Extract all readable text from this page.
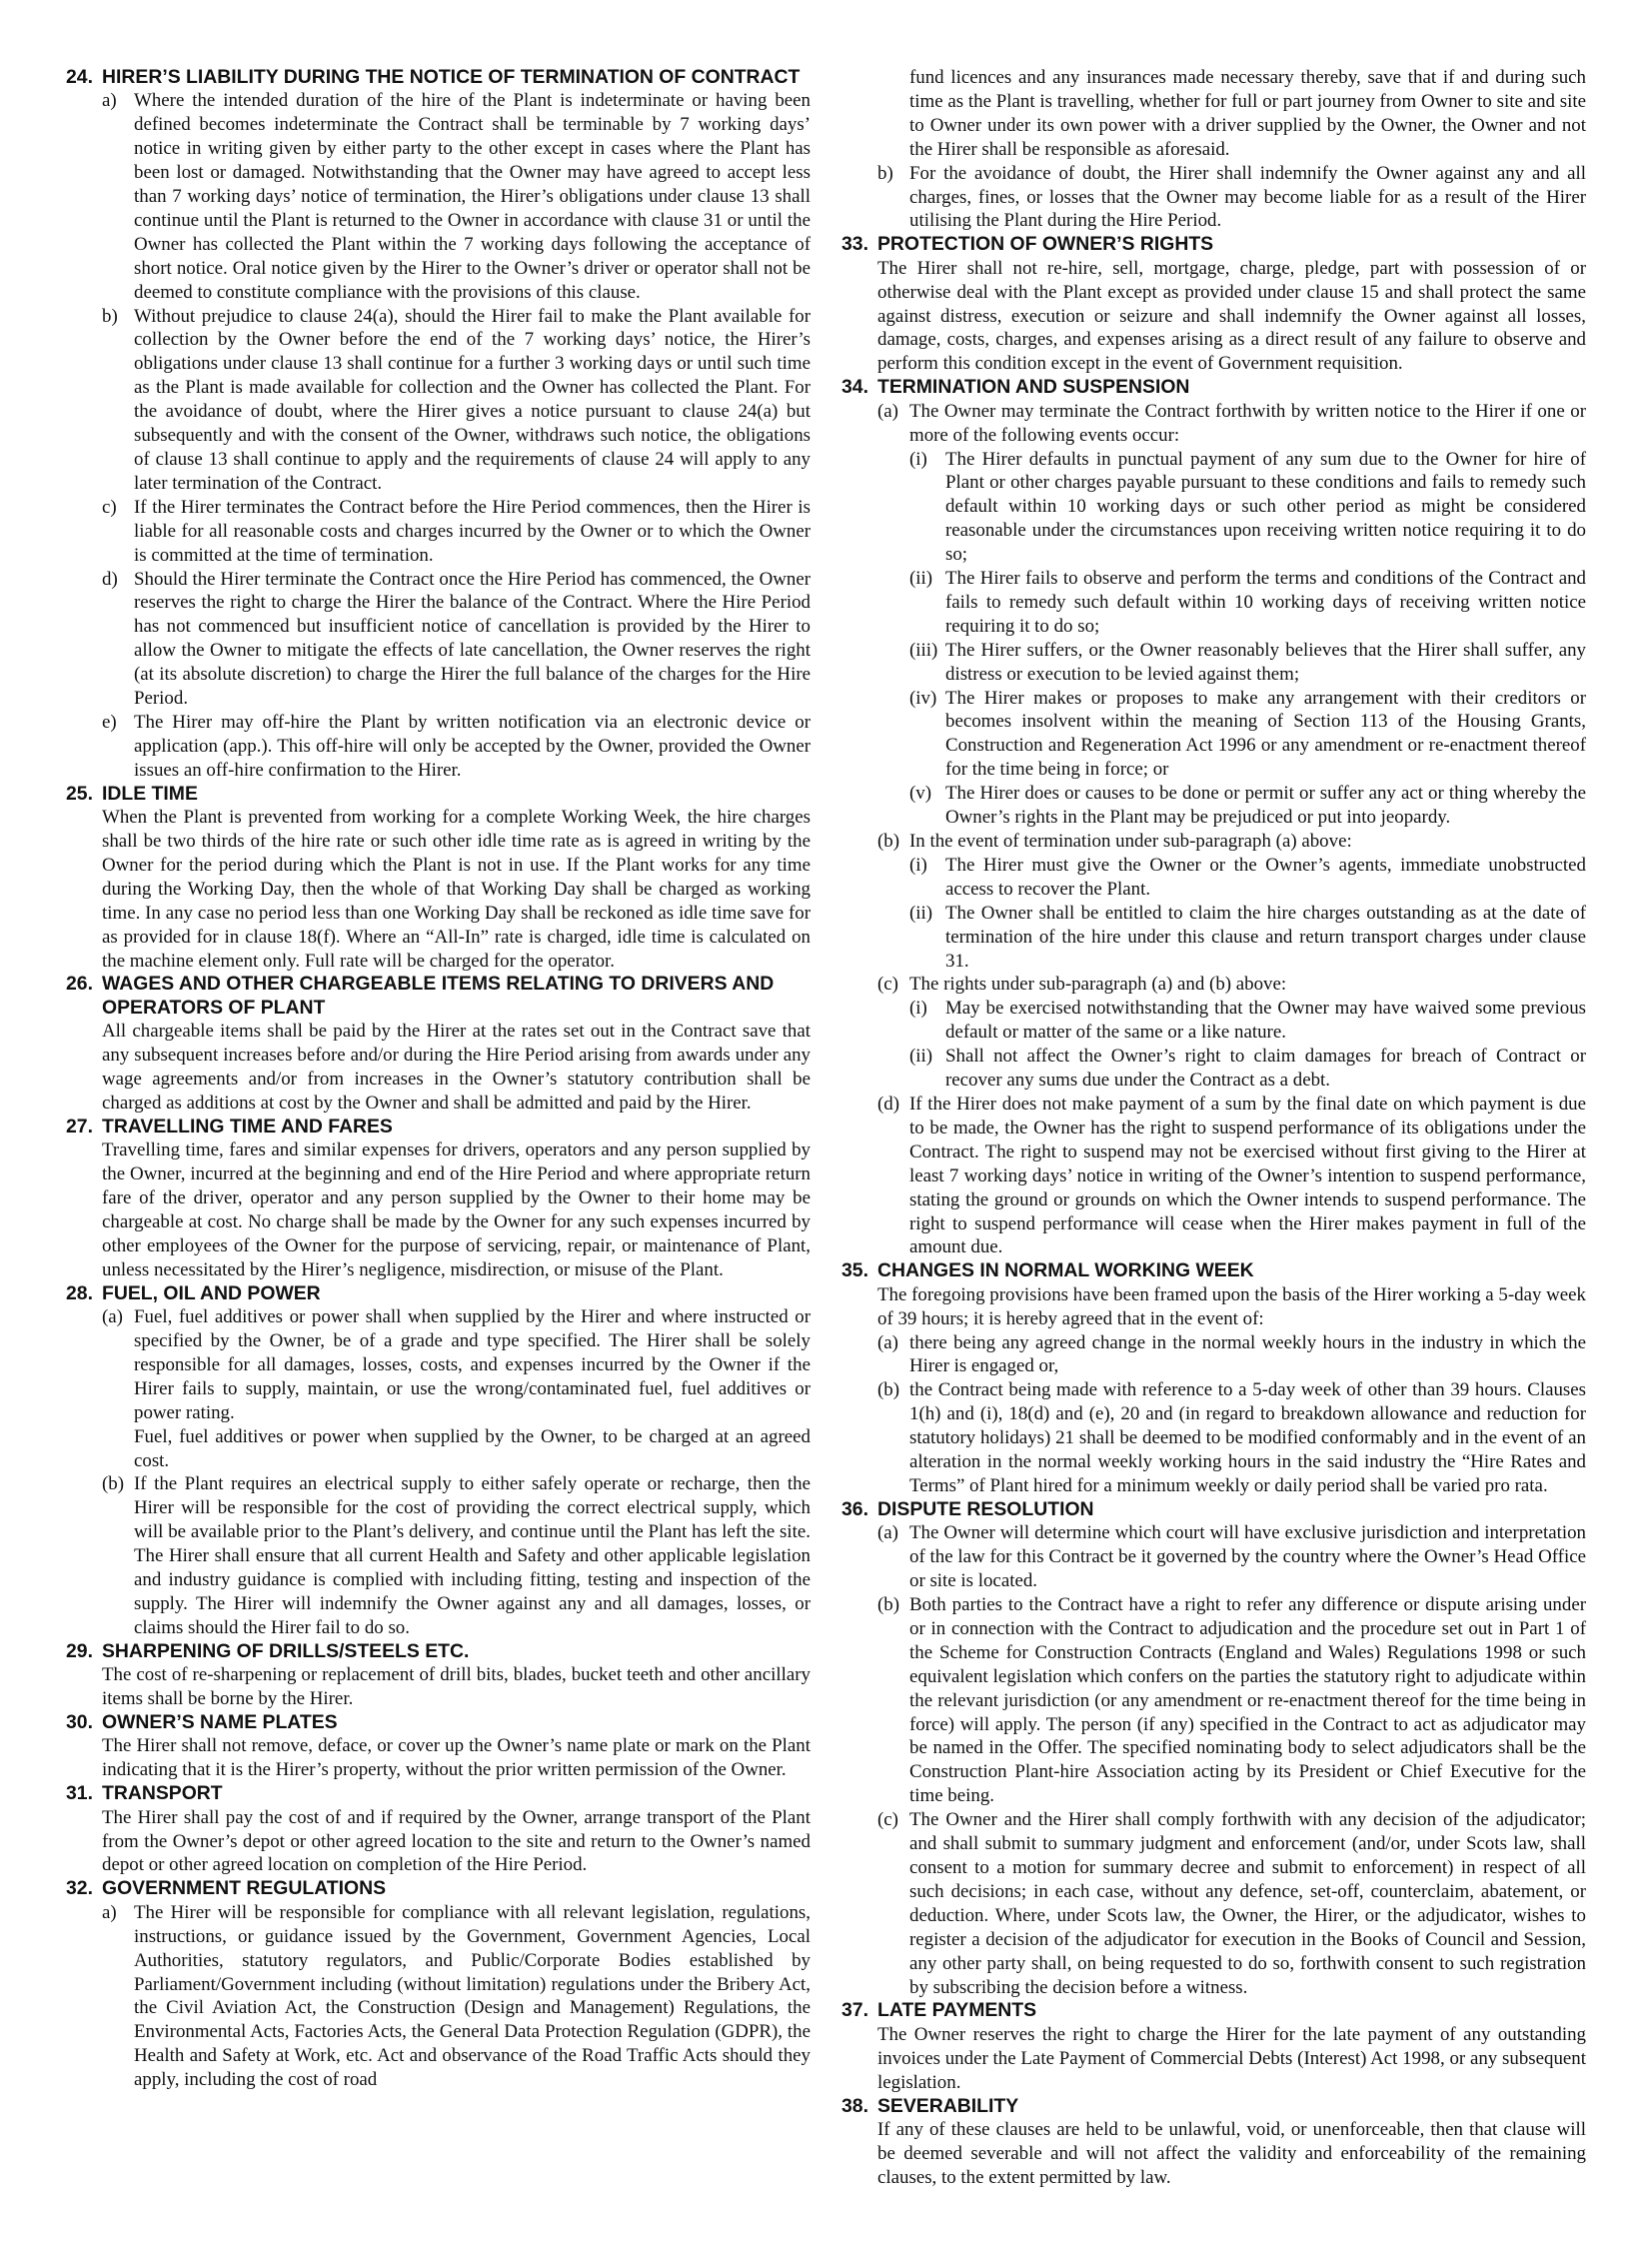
24. HIRER’S LIABILITY DURING THE NOTICE OF TERMINATION OF CONTRACT

a) Where the intended duration of the hire of the Plant is indeterminate or having been defined becomes indeterminate the Contract shall be terminable by 7 working days’ notice in writing given by either party to the other except in cases where the Plant has been lost or damaged. Notwithstanding that the Owner may have agreed to accept less than 7 working days’ notice of termination, the Hirer’s obligations under clause 13 shall continue until the Plant is returned to the Owner in accordance with clause 31 or until the Owner has collected the Plant within the 7 working days following the acceptance of short notice. Oral notice given by the Hirer to the Owner’s driver or operator shall not be deemed to constitute compliance with the provisions of this clause.

b) Without prejudice to clause 24(a), should the Hirer fail to make the Plant available for collection by the Owner before the end of the 7 working days’ notice, the Hirer’s obligations under clause 13 shall continue for a further 3 working days or until such time as the Plant is made available for collection and the Owner has collected the Plant. For the avoidance of doubt, where the Hirer gives a notice pursuant to clause 24(a) but subsequently and with the consent of the Owner, withdraws such notice, the obligations of clause 13 shall continue to apply and the requirements of clause 24 will apply to any later termination of the Contract.

c) If the Hirer terminates the Contract before the Hire Period commences, then the Hirer is liable for all reasonable costs and charges incurred by the Owner or to which the Owner is committed at the time of termination.

d) Should the Hirer terminate the Contract once the Hire Period has commenced, the Owner reserves the right to charge the Hirer the balance of the Contract. Where the Hire Period has not commenced but insufficient notice of cancellation is provided by the Hirer to allow the Owner to mitigate the effects of late cancellation, the Owner reserves the right (at its absolute discretion) to charge the Hirer the full balance of the charges for the Hire Period.

e) The Hirer may off-hire the Plant by written notification via an electronic device or application (app.). This off-hire will only be accepted by the Owner, provided the Owner issues an off-hire confirmation to the Hirer.

25. IDLE TIME

When the Plant is prevented from working for a complete Working Week, the hire charges shall be two thirds of the hire rate or such other idle time rate as is agreed in writing by the Owner for the period during which the Plant is not in use. If the Plant works for any time during the Working Day, then the whole of that Working Day shall be charged as working time. In any case no period less than one Working Day shall be reckoned as idle time save for as provided for in clause 18(f). Where an “All-In” rate is charged, idle time is calculated on the machine element only. Full rate will be charged for the operator.

26. WAGES AND OTHER CHARGEABLE ITEMS RELATING TO DRIVERS AND OPERATORS OF PLANT

All chargeable items shall be paid by the Hirer at the rates set out in the Contract save that any subsequent increases before and/or during the Hire Period arising from awards under any wage agreements and/or from increases in the Owner’s statutory contribution shall be charged as additions at cost by the Owner and shall be admitted and paid by the Hirer.

27. TRAVELLING TIME AND FARES

Travelling time, fares and similar expenses for drivers, operators and any person supplied by the Owner, incurred at the beginning and end of the Hire Period and where appropriate return fare of the driver, operator and any person supplied by the Owner to their home may be chargeable at cost. No charge shall be made by the Owner for any such expenses incurred by other employees of the Owner for the purpose of servicing, repair, or maintenance of Plant, unless necessitated by the Hirer’s negligence, misdirection, or misuse of the Plant.

28. FUEL, OIL AND POWER

(a) Fuel, fuel additives or power shall when supplied by the Hirer and where instructed or specified by the Owner, be of a grade and type specified. The Hirer shall be solely responsible for all damages, losses, costs, and expenses incurred by the Owner if the Hirer fails to supply, maintain, or use the wrong/contaminated fuel, fuel additives or power rating.

Fuel, fuel additives or power when supplied by the Owner, to be charged at an agreed cost.

(b) If the Plant requires an electrical supply to either safely operate or recharge, then the Hirer will be responsible for the cost of providing the correct electrical supply, which will be available prior to the Plant’s delivery, and continue until the Plant has left the site. The Hirer shall ensure that all current Health and Safety and other applicable legislation and industry guidance is complied with including fitting, testing and inspection of the supply. The Hirer will indemnify the Owner against any and all damages, losses, or claims should the Hirer fail to do so.

29. SHARPENING OF DRILLS/STEELS ETC.

The cost of re-sharpening or replacement of drill bits, blades, bucket teeth and other ancillary items shall be borne by the Hirer.

30. OWNER’S NAME PLATES

The Hirer shall not remove, deface, or cover up the Owner’s name plate or mark on the Plant indicating that it is the Hirer’s property, without the prior written permission of the Owner.

31. TRANSPORT

The Hirer shall pay the cost of and if required by the Owner, arrange transport of the Plant from the Owner’s depot or other agreed location to the site and return to the Owner’s named depot or other agreed location on completion of the Hire Period.

32. GOVERNMENT REGULATIONS

a) The Hirer will be responsible for compliance with all relevant legislation, regulations, instructions, or guidance issued by the Government, Government Agencies, Local Authorities, statutory regulators, and Public/Corporate Bodies established by Parliament/Government including (without limitation) regulations under the Bribery Act, the Civil Aviation Act, the Construction (Design and Management) Regulations, the Environmental Acts, Factories Acts, the General Data Protection Regulation (GDPR), the Health and Safety at Work, etc. Act and observance of the Road Traffic Acts should they apply, including the cost of road

fund licences and any insurances made necessary thereby, save that if and during such time as the Plant is travelling, whether for full or part journey from Owner to site and site to Owner under its own power with a driver supplied by the Owner, the Owner and not the Hirer shall be responsible as aforesaid.

b) For the avoidance of doubt, the Hirer shall indemnify the Owner against any and all charges, fines, or losses that the Owner may become liable for as a result of the Hirer utilising the Plant during the Hire Period.

33. PROTECTION OF OWNER’S RIGHTS

The Hirer shall not re-hire, sell, mortgage, charge, pledge, part with possession of or otherwise deal with the Plant except as provided under clause 15 and shall protect the same against distress, execution or seizure and shall indemnify the Owner against all losses, damage, costs, charges, and expenses arising as a direct result of any failure to observe and perform this condition except in the event of Government requisition.

34. TERMINATION AND SUSPENSION

(a) The Owner may terminate the Contract forthwith by written notice to the Hirer if one or more of the following events occur:

(i) The Hirer defaults in punctual payment of any sum due to the Owner for hire of Plant or other charges payable pursuant to these conditions and fails to remedy such default within 10 working days or such other period as might be considered reasonable under the circumstances upon receiving written notice requiring it to do so;

(ii) The Hirer fails to observe and perform the terms and conditions of the Contract and fails to remedy such default within 10 working days of receiving written notice requiring it to do so;

(iii) The Hirer suffers, or the Owner reasonably believes that the Hirer shall suffer, any distress or execution to be levied against them;

(iv) The Hirer makes or proposes to make any arrangement with their creditors or becomes insolvent within the meaning of Section 113 of the Housing Grants, Construction and Regeneration Act 1996 or any amendment or re-enactment thereof for the time being in force; or

(v) The Hirer does or causes to be done or permit or suffer any act or thing whereby the Owner’s rights in the Plant may be prejudiced or put into jeopardy.

(b) In the event of termination under sub-paragraph (a) above:

(i) The Hirer must give the Owner or the Owner’s agents, immediate unobstructed access to recover the Plant.

(ii) The Owner shall be entitled to claim the hire charges outstanding as at the date of termination of the hire under this clause and return transport charges under clause 31.

(c) The rights under sub-paragraph (a) and (b) above:

(i) May be exercised notwithstanding that the Owner may have waived some previous default or matter of the same or a like nature.

(ii) Shall not affect the Owner’s right to claim damages for breach of Contract or recover any sums due under the Contract as a debt.

(d) If the Hirer does not make payment of a sum by the final date on which payment is due to be made, the Owner has the right to suspend performance of its obligations under the Contract. The right to suspend may not be exercised without first giving to the Hirer at least 7 working days’ notice in writing of the Owner’s intention to suspend performance, stating the ground or grounds on which the Owner intends to suspend performance. The right to suspend performance will cease when the Hirer makes payment in full of the amount due.

35. CHANGES IN NORMAL WORKING WEEK

The foregoing provisions have been framed upon the basis of the Hirer working a 5-day week of 39 hours; it is hereby agreed that in the event of:

(a) there being any agreed change in the normal weekly hours in the industry in which the Hirer is engaged or,

(b) the Contract being made with reference to a 5-day week of other than 39 hours. Clauses 1(h) and (i), 18(d) and (e), 20 and (in regard to breakdown allowance and reduction for statutory holidays) 21 shall be deemed to be modified conformably and in the event of an alteration in the normal weekly working hours in the said industry the “Hire Rates and Terms” of Plant hired for a minimum weekly or daily period shall be varied pro rata.

36. DISPUTE RESOLUTION

(a) The Owner will determine which court will have exclusive jurisdiction and interpretation of the law for this Contract be it governed by the country where the Owner’s Head Office or site is located.

(b) Both parties to the Contract have a right to refer any difference or dispute arising under or in connection with the Contract to adjudication and the procedure set out in Part 1 of the Scheme for Construction Contracts (England and Wales) Regulations 1998 or such equivalent legislation which confers on the parties the statutory right to adjudicate within the relevant jurisdiction (or any amendment or re-enactment thereof for the time being in force) will apply. The person (if any) specified in the Contract to act as adjudicator may be named in the Offer. The specified nominating body to select adjudicators shall be the Construction Plant-hire Association acting by its President or Chief Executive for the time being.

(c) The Owner and the Hirer shall comply forthwith with any decision of the adjudicator; and shall submit to summary judgment and enforcement (and/or, under Scots law, shall consent to a motion for summary decree and submit to enforcement) in respect of all such decisions; in each case, without any defence, set-off, counterclaim, abatement, or deduction. Where, under Scots law, the Owner, the Hirer, or the adjudicator, wishes to register a decision of the adjudicator for execution in the Books of Council and Session, any other party shall, on being requested to do so, forthwith consent to such registration by subscribing the decision before a witness.

37. LATE PAYMENTS

The Owner reserves the right to charge the Hirer for the late payment of any outstanding invoices under the Late Payment of Commercial Debts (Interest) Act 1998, or any subsequent legislation.

38. SEVERABILITY

If any of these clauses are held to be unlawful, void, or unenforceable, then that clause will be deemed severable and will not affect the validity and enforceability of the remaining clauses, to the extent permitted by law.
